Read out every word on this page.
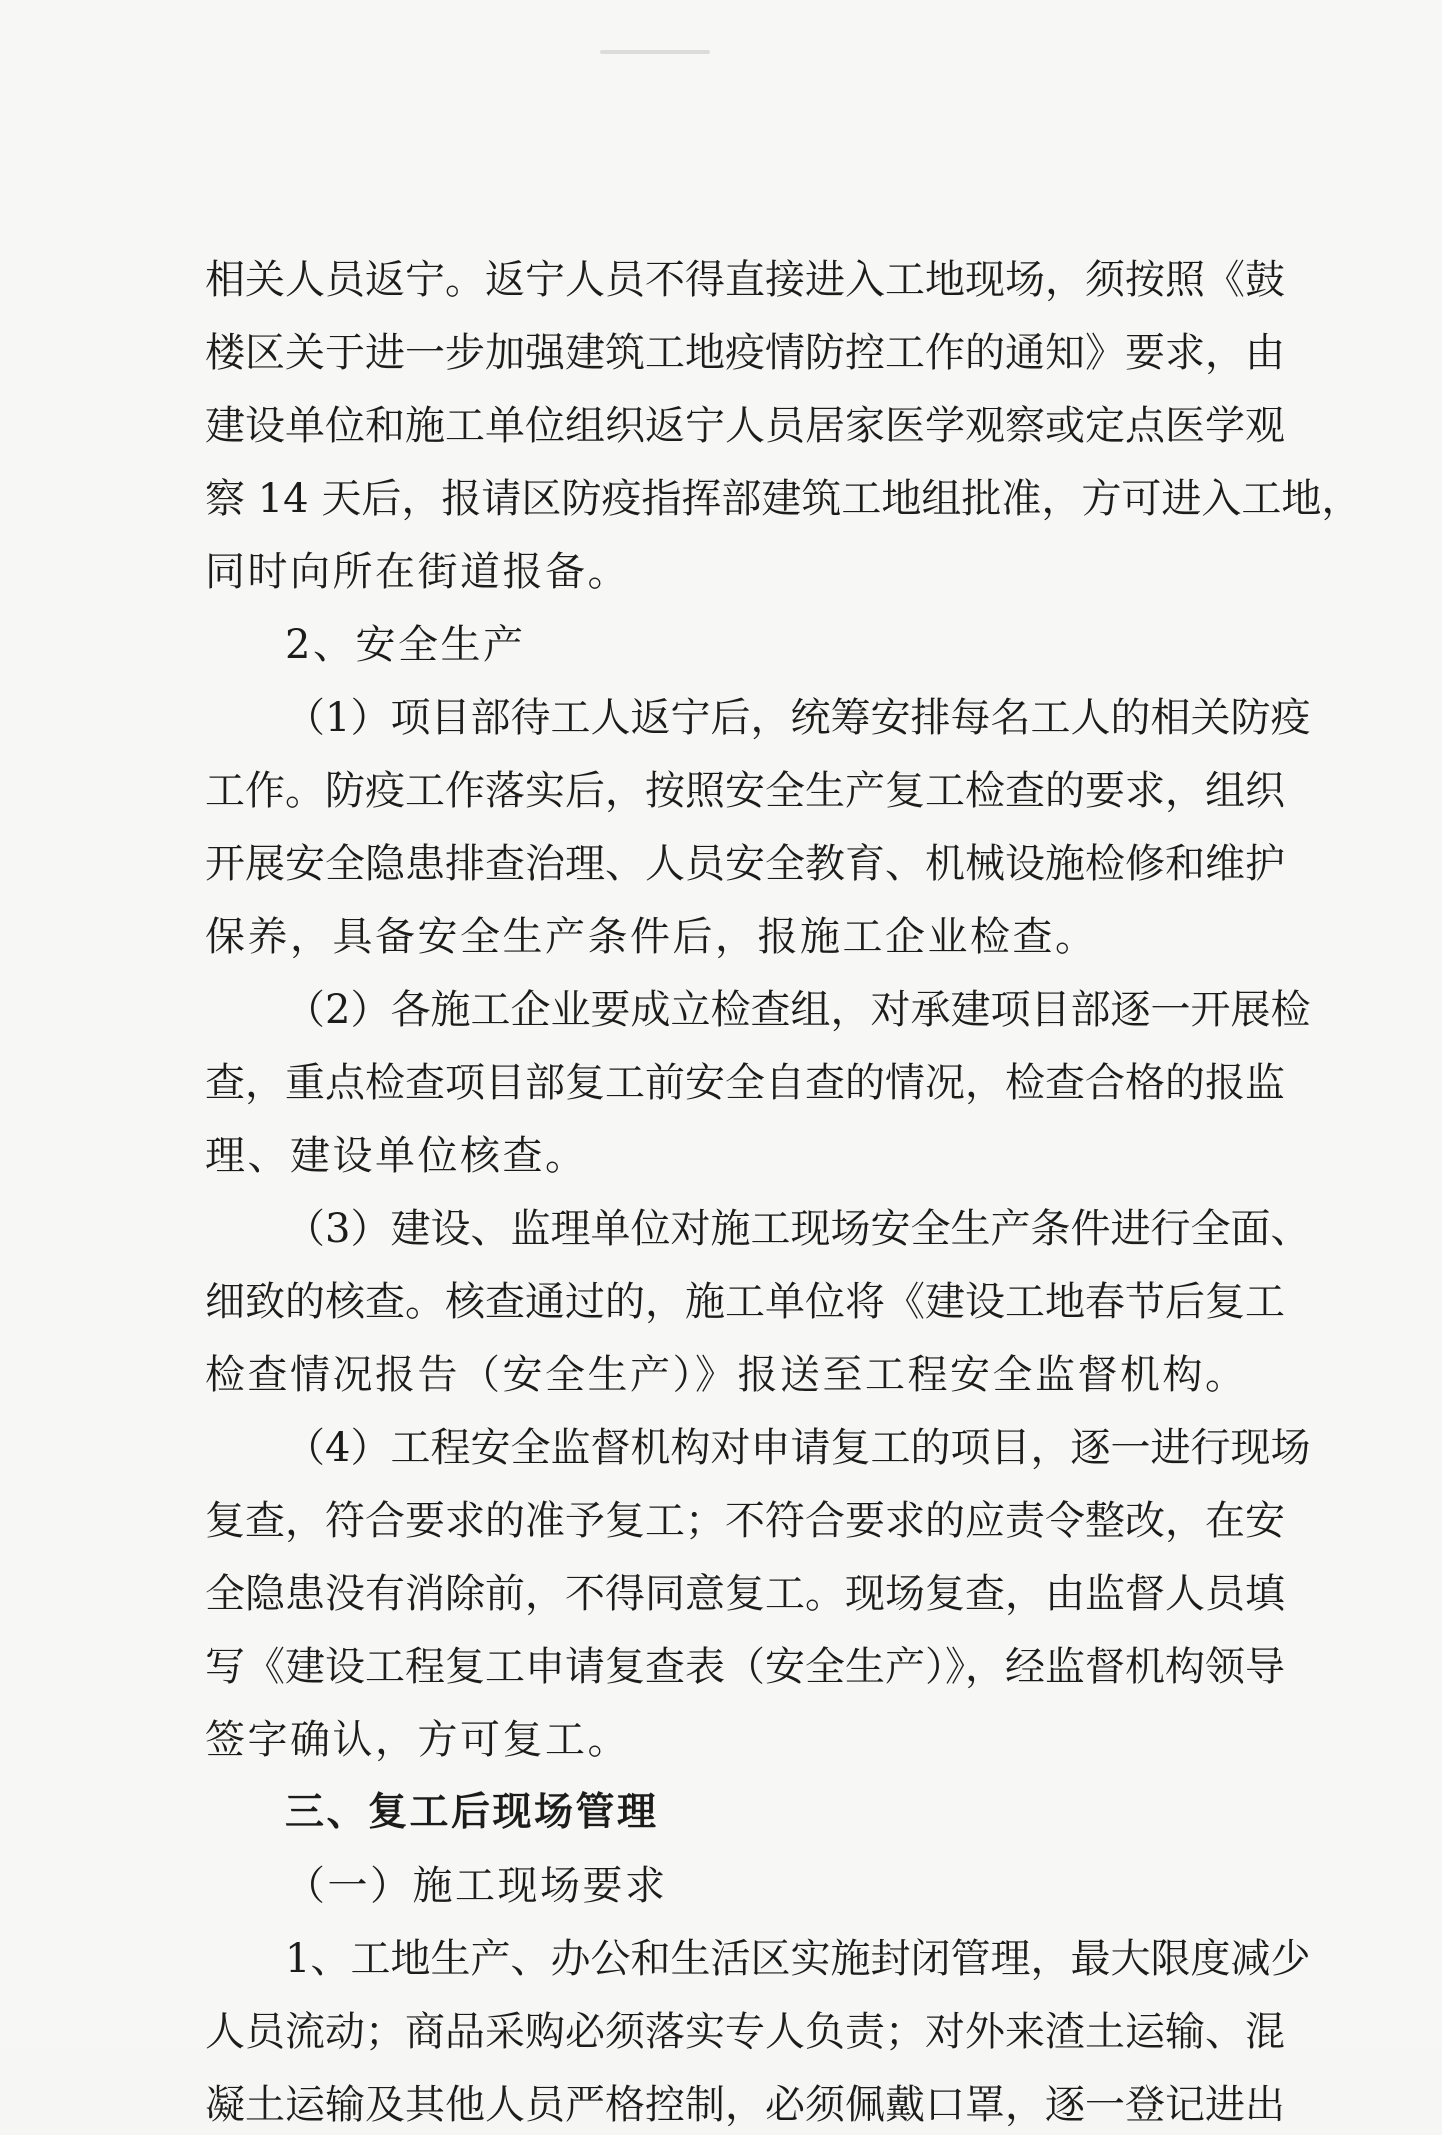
相关人员返宁。返宁人员不得直接进入工地现场，须按照《鼓
楼区关于进一步加强建筑工地疫情防控工作的通知》要求，由
建设单位和施工单位组织返宁人员居家医学观察或定点医学观
察 14 天后，报请区防疫指挥部建筑工地组批准，方可进入工地，
同时向所在街道报备。
2、安全生产
（1）项目部待工人返宁后，统筹安排每名工人的相关防疫
工作。防疫工作落实后，按照安全生产复工检查的要求，组织
开展安全隐患排查治理、人员安全教育、机械设施检修和维护
保养，具备安全生产条件后，报施工企业检查。
（2）各施工企业要成立检查组，对承建项目部逐一开展检
查，重点检查项目部复工前安全自查的情况，检查合格的报监
理、建设单位核查。
（3）建设、监理单位对施工现场安全生产条件进行全面、
细致的核查。核查通过的，施工单位将《建设工地春节后复工
检查情况报告（安全生产）》报送至工程安全监督机构。
（4）工程安全监督机构对申请复工的项目，逐一进行现场
复查，符合要求的准予复工；不符合要求的应责令整改，在安
全隐患没有消除前，不得同意复工。现场复查，由监督人员填
写《建设工程复工申请复查表（安全生产）》，经监督机构领导
签字确认，方可复工。
三、复工后现场管理
（一）施工现场要求
1、工地生产、办公和生活区实施封闭管理，最大限度减少
人员流动；商品采购必须落实专人负责；对外来渣土运输、混
凝土运输及其他人员严格控制，必须佩戴口罩，逐一登记进出
